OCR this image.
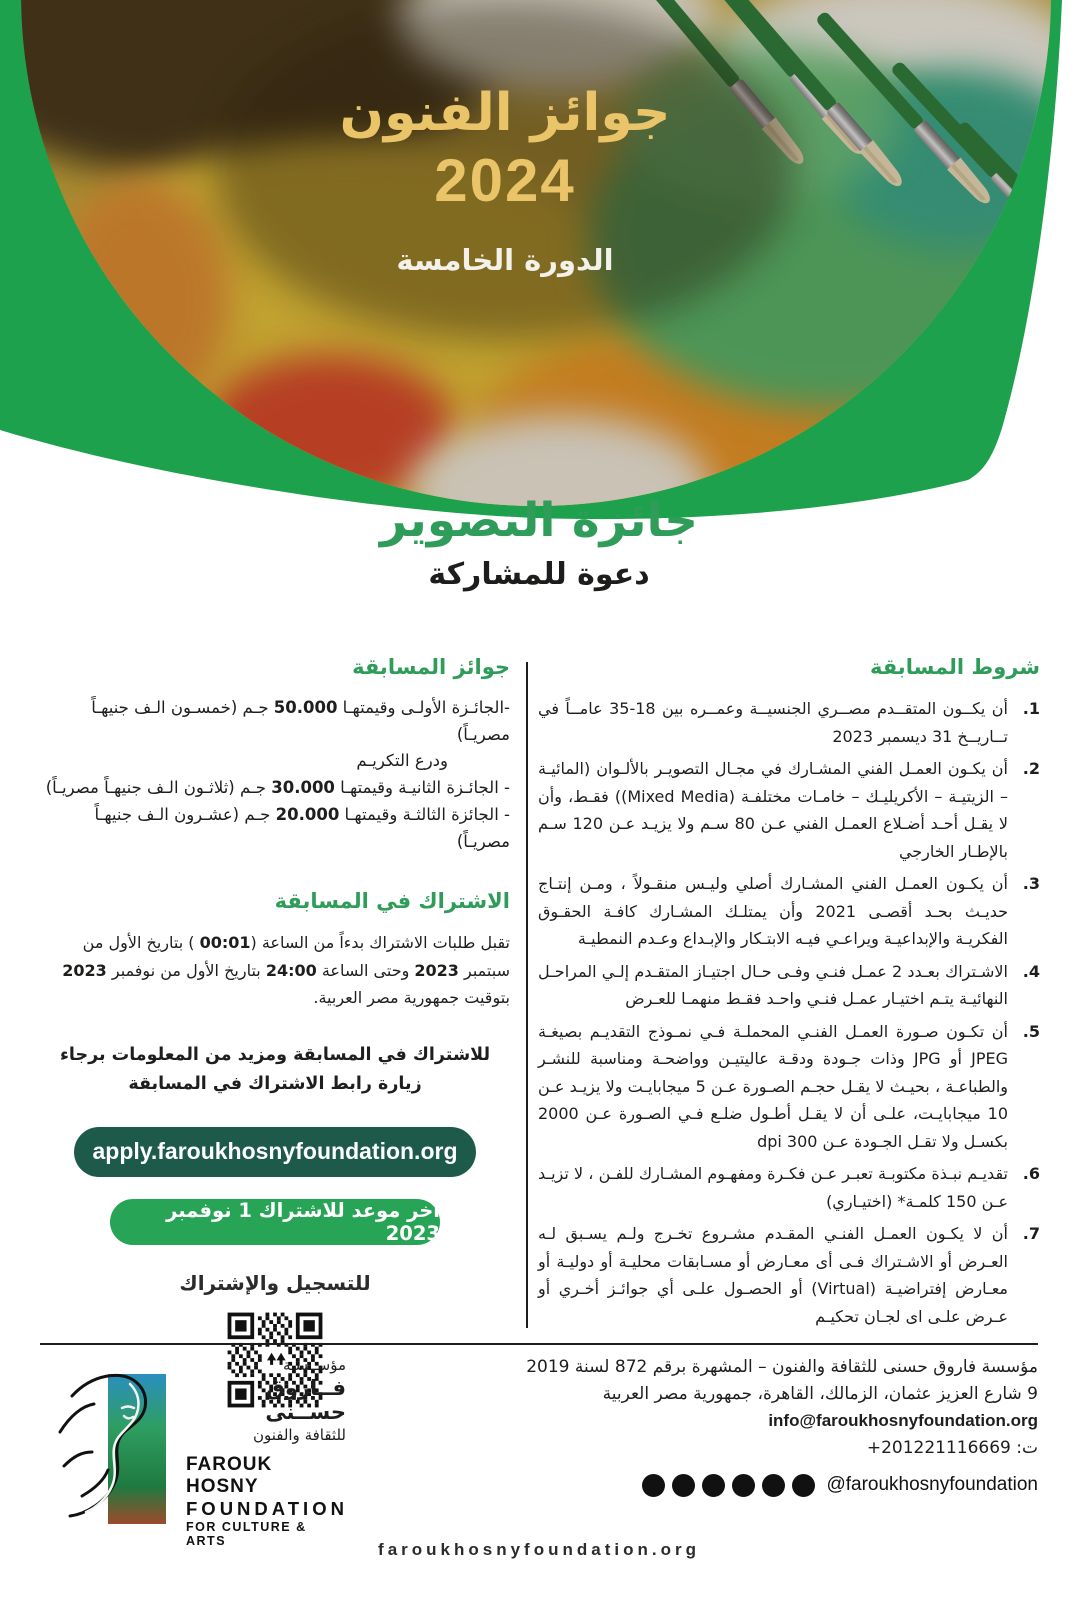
جوائز الفنون

2024

الدورة الخامسة

جائزة التصوير
دعوة للمشاركة

شروط المسابقة

1.
أن يكــون المتقــدم مصــري الجنسيــة وعمــره بين 18-35 عامــاً في تــاريــخ 31 ديسمبر 2023
2.
أن يكـون العمـل الفني المشـارك في مجـال التصويـر بالألـوان (المائيـة – الزيتيـة – الأكريليـك – خامـات مختلفـة (Mixed Media)) فقـط، وأن لا يقـل أحـد أضـلاع العمـل الفني عـن 80 سـم ولا يزيـد عـن 120 سـم بالإطـار الخارجي
3.
أن يكـون العمـل الفني المشـارك أصلي وليـس منقـولاً ، ومـن إنتـاج حديـث بحـد أقصـى 2021 وأن يمتلـك المشـارك كافـة الحقـوق الفكريـة والإبداعيـة ويراعـي فيـه الابتـكار والإبـداع وعـدم النمطيـة
4.
الاشـتراك بعـدد 2 عمـل فنـي وفـى حـال اجتيـاز المتقـدم إلـي المراحـل النهائيـة يتـم اختيـار عمـل فنـي واحـد فقـط منهمـا للعـرض
5.
أن تكـون صـورة العمـل الفنـي المحملـة فـي نمـوذج التقديـم بصيغـة JPEG أو JPG وذات جـودة ودقـة عاليتيـن وواضحـة ومناسبة للنشـر والطباعـة ، بحيـث لا يقـل حجـم الصـورة عـن 5 ميجابايـت ولا يزيـد عـن 10 ميجابايـت، علـى أن لا يقـل أطـول ضلـع فـي الصـورة عـن 2000 بكسـل ولا تقـل الجـودة عـن 300 dpi
6.
تقديـم نبـذة مكتوبـة تعبـر عـن فكـرة ومفهـوم المشـارك للفـن ، لا تزيـد عـن 150 كلمـة* (اختيـاري)
7.
أن لا يكـون العمـل الفنـي المقـدم مشـروع تخـرج ولـم يسـبق لـه العـرض أو الاشـتراك فـى أى معـارض أو مسـابقات محليـة أو دوليـة أو معـارض إفتراضيـة (Virtual) أو الحصـول علـى أي جوائـز أخـري أو عـرض علـى اى لجـان تحكيـم

جوائز المسابقة

-الجائـزة الأولـى وقيمتهـا 50.000 جـم (خمسـون الـف جنيهـاً مصريـاً)
ودرع التكريـم
- الجائـزة الثانيـة وقيمتهـا 30.000 جـم (ثلاثـون الـف جنيهـاً مصريـاً)
- الجائزة الثالثـة وقيمتهـا 20.000 جـم (عشـرون الـف جنيهـاً مصريـاً)

الاشتراك في المسابقة

تقبل طلبات الاشتراك بدءاً من الساعة (00:01 ) بتاريخ الأول من سبتمبر 2023 وحتى الساعة 24:00 بتاريخ الأول من نوفمبر 2023 بتوقيت جمهورية مصر العربية.

للاشتراك في المسابقة ومزيد من المعلومات برجاء زيارة رابط الاشتراك في المسابقة

apply.faroukhosnyfoundation.org
آخر موعد للاشتراك 1 نوفمبر 2023

للتسجيل والإشتراك

مؤســسـة

فــاروق حســنى

للثقافة والفنون

FAROUK HOSNY

FOUNDATION

FOR CULTURE & ARTS

مؤسسة فاروق حسنى للثقافة والفنون – المشهرة برقم 872 لسنة 2019

9 شارع العزيز عثمان، الزمالك، القاهرة، جمهورية مصر العربية

info@faroukhosnyfoundation.org

ت: 201221116669+

@faroukhosnyfoundation
faroukhosnyfoundation.org
